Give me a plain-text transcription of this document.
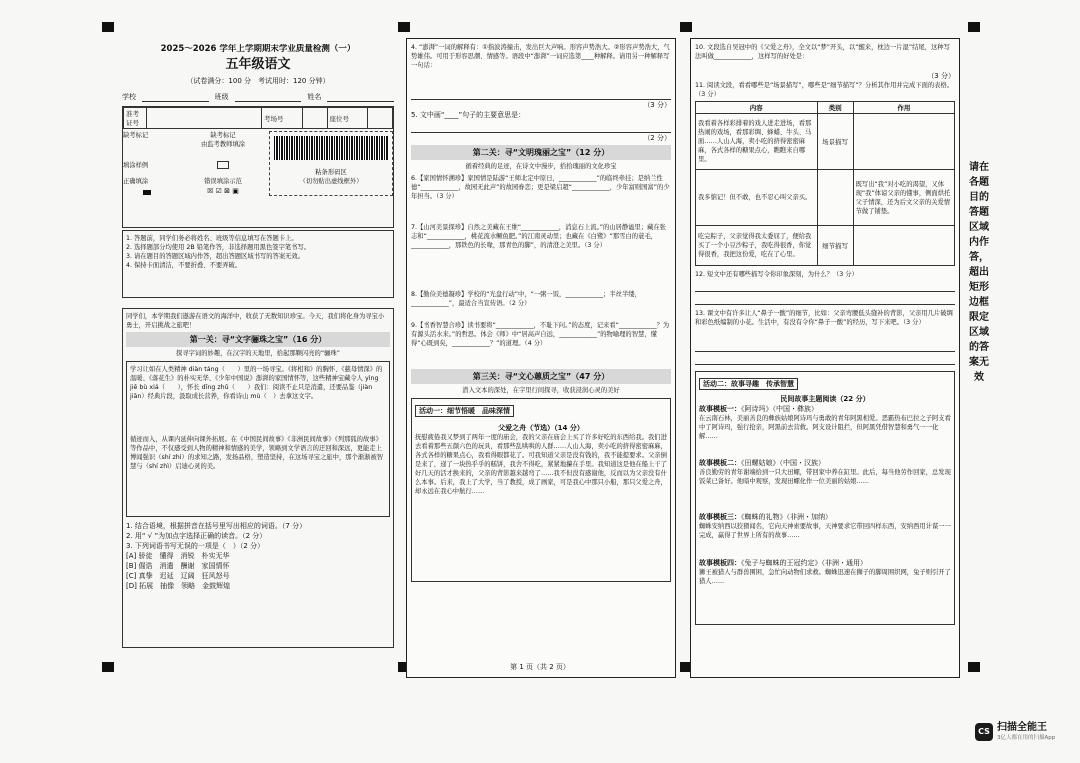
2025～2026 学年上学期期末学业质量检测（一）
五年级语文
（试卷满分：100 分　考试用时：120 分钟）
学校	班级	姓名
准考证号		考场号		座位号	
缺考标记
填涂样例
正确填涂
缺考标记
由监考教师填涂
错误填涂示范
☒ ☑ ⊠ ▣
粘条形码区
（切勿贴出虚线框外）
1. 答题前，同学们务必将姓名、班级等信息填写在答题卡上。
2. 选择题部分均使用 2B 铅笔作答，非选择题用黑色签字笔书写。
3. 请在题目的答题区域内作答，超出答题区域书写的答案无效。
4. 保持卡面清洁，不要折叠、不要弄破。
同学们，本学期我们遨游在语文的海洋中，收获了无数知识珍宝。今天，我们将化身为寻宝小勇士，开启挑战之旅吧！
第一关：寻“文字骊珠之宝”（16 分）
探寻字词的妙趣，在汉字的天地里，拾起那颗闪亮的“骊珠”
学习让如在人类精神 diàn táng（　　）里的一场寻宝。《将相和》的胸怀、《慈母情深》的温暖、《落花生》的朴实无华、《少年中国说》澎湃的家国情怀等，这些精神宝藏令人 yìng jiē bù xiá（　　），怀长 dīng zhǔ（　　）我们：阅读不止只是消遣，还要品鉴（jiàn jiān）经典片段，汲取成长营养，你看诗山 mù（　）去拿这文字。
循迹而入，从课内延伸向课外拓展。在《中国民间故事》《非洲民间故事》《列那狐的故事》等作品中，不仅感受到人物的精神和情感的美学，领略到文学语言的迂回和深远，更能走上博闻强识（shí zhì）的求知之路，发扬品格，塑造坚持，在这场寻宝之旅中，那个渐渐被智慧与（shí zhì）启迪心灵的美。
1. 结合语境，根据拼音在括号里写出相应的词语。（7 分）
2. 用“ √ ”为加点字选择正确的读音。（2 分）
3. 下列词语书写无误的一项是（　）（2 分）
[A] 骄徒　懂得　消锐　朴实无华
[B] 倔诰　消遣　酬谢　家国情怀
[C] 真挚　迟延　辽阔　狂风怒号
[D] 拓展　抽像　领略　金鼓辉煌
4. “澎湃”一词的解释有：①指波涛撞击，发出巨大声响。形容声势浩大。②形容声势浩大，气势雄伟。可用于形容思潮、情感等。语段中“澎湃”一词应选第____种解释。请用另一种解释写一句话：
（3 分）
5. 文中画“____”句子的主要意思是：
（2 分）
第二关：寻“文明瑰丽之宝”（12 分）
循着经典的足迹，在诗文中漫步，拾拾瑰丽的文化珍宝
6.【家国情怀溯珍】家国情是陆游“王师北定中原日，____________”的临终牵挂；是纳兰性德“____________，故园无此声”的故园眷恋；更是梁启超“____________，少年富则国富”的少年担当。（3 分）
7.【山河美景探珍】自然之美藏在王维“____________，消息石上流。”的山居静谧里；藏在张志和“____________，桃花流水鳜鱼肥。”的江南灵动里；也藏在《白鹭》“那雪白的蓑毛，____________，那铁色的长喙，那青色的脚”，的清澄之美里。（3 分）
8.【勤俭美德凝珍】学校的“光盘行动”中，“一粥一饭，____________；半丝半缕，____________”，最适合当宣传语。（2 分）
9.【书香智慧合珍】读书要将“____________，不耻下问。”的态度，记来看“____________？为有源头活水来。”的哲思。体会《师》中“居高声自远，____________”的物喻理的智慧，懂得“心既到矣，____________？”的道理。（4 分）
第三关：寻“文心蕙质之宝”（47 分）
潜入文本的深处，在字里行间探寻，收获浸润心灵的美好
活动一：细节悟暖　品味深情
父爱之舟（节选）（14 分）
抚慰疲倦我又梦到了两年一度的庙会，我的父亲在庙会上买了许多好吃的东西给我。我们进去看着那些五颜六色的玩具，看那些乱哄哄的人群……人山人海，卖小吃的挤得密密麻麻，各式各样的糖果点心，我看得眼都花了。可我知道父亲是没有钱的，我不能提要求。父亲倒是来了，递了一块热乎乎的糕饼，我舍不得吃，紧紧地攥在手里。我知道这是他在船上干了好几天的活才换来的，父亲的背影越来越弯了……我不但没有感谢他，反而以为父亲没有什么本事。后来，我上了大学，当了教授，成了画家，可是我心中那只小船，那只父爱之舟，却永远在我心中航行……
第 1 页（共 2 页）
10. 文段选自吴冠中的《父爱之舟》，全文以“梦”开头，以“醒来，枕边一片湿”结尾，这种写法叫做____________，这样写的好处是：
（3 分）
11. 阅读文段，看看哪些是“场景描写”，哪些是“细节描写”？分析其作用并完成下面的表格。（3 分）
内容	类别	作用
我看着各样彩排着的戏人进走进场，看那热闹的戏场，看那彩绸、蜂蜡、牛头、马面……人山人海，卖小吃的挤得密密麻麻，各式各样的糖果点心，瞧瞧来自哪里。	场景描写	
我多惦记！但不敢，也不忍心叫父亲买。		既写出“我”对小吃的渴望，又体现“我”体谅父亲的懂事，侧面烘托父子情深，还为后文父亲的关爱情节做了铺垫。
吃完粽子，父亲觉得我太委屈了，便给我买了一个小豆沙粽子，我吃得很香，你觉得很香，我把这份爱，吃在了心里。	细节描写	
12. 短文中还有哪些描写令你印象深刻，为什么？（3 分）
13. 课文中有许多让人“鼻子一酸”的细节，比如：父亲弯腰低头缝补的背影，父亲用几片破绸和彩色纸编制的小花。生活中，有没有令你“鼻子一酸”的经历，写下来吧。（3 分）
活动二：故事寻趣　传承智慧
民间故事主题阅读（22 分）
故事模板一：《阿诗玛》（中国・彝族）
在云南石林，美丽善良的彝族姑娘阿诗玛与勇敢的青年阿黑相爱。恶霸热布巴拉之子阿支看中了阿诗玛，强行抢亲，阿黑前去营救。阿支设计阻拦，但阿黑凭借智慧和勇气一一化解……
故事模板二：《田螺姑娘》（中国・汉族）
善良勤劳的青年谢端拾到一只大田螺，带回家中养在缸里。此后，每当他劳作回家，总发现饭菜已备好。他暗中观察，发现田螺化作一位美丽的姑娘……
故事模板三：《蜘蛛的礼物》（非洲・加纳）
蜘蛛安纳西以狡猾闻名，它向天神索要故事，天神要求它带回四样东西，安纳西用计谋一一完成，赢得了世界上所有的故事……
故事模板四：《兔子与蜘蛛的王冠约定》（非洲・通用）
狮王被猎人与群兽围困，急忙向动物们求救。蜘蛛迅速在狮子的脚周围织网，兔子则引开了猎人……
请在各题目的答题区域内作答，超出矩形边框限定区域的答案无效
CS 扫描全能王
3亿人都在用的扫描App
